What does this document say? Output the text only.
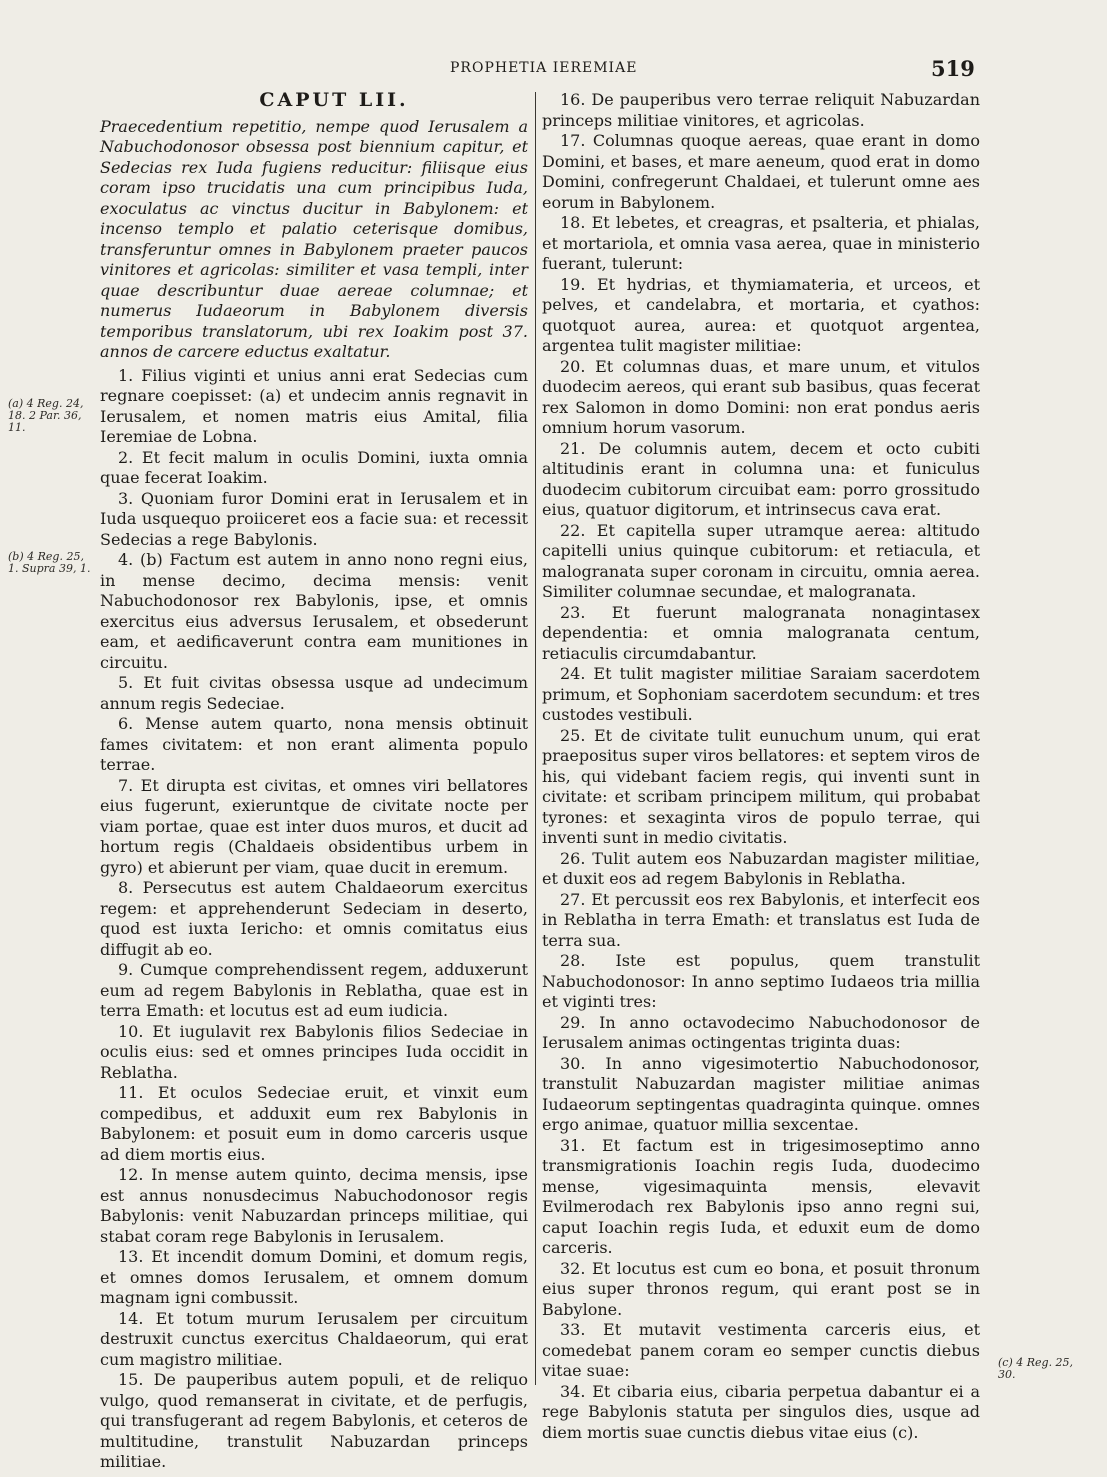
PROPHETIA IEREMIAE	519
(a) 4 Reg. 24, 18. 2 Par. 36, 11.
(b) 4 Reg. 25, 1. Supra 39, 1.
(c) 4 Reg. 25, 30.
CAPUT LII.

Praecedentium repetitio, nempe quod Ierusalem a Nabuchodonosor obsessa post biennium capitur, et Sedecias rex Iuda fugiens reducitur: filiisque eius coram ipso trucidatis una cum principibus Iuda, exoculatus ac vinctus ducitur in Babylonem: et incenso templo et palatio ceterisque domibus, transferuntur omnes in Babylonem praeter paucos vinitores et agricolas: similiter et vasa templi, inter quae describuntur duae aereae columnae; et numerus Iudaeorum in Babylonem diversis temporibus translatorum, ubi rex Ioakim post 37. annos de carcere eductus exaltatur.

1. Filius viginti et unius anni erat Sedecias cum regnare coepisset: (a) et undecim annis regnavit in Ierusalem, et nomen matris eius Amital, filia Ieremiae de Lobna.

2. Et fecit malum in oculis Domini, iuxta omnia quae fecerat Ioakim.

3. Quoniam furor Domini erat in Ierusalem et in Iuda usquequo proiiceret eos a facie sua: et recessit Sedecias a rege Babylonis.

4. (b) Factum est autem in anno nono regni eius, in mense decimo, decima mensis: venit Nabuchodonosor rex Babylonis, ipse, et omnis exercitus eius adversus Ierusalem, et obsederunt eam, et aedificaverunt contra eam munitiones in circuitu.

5. Et fuit civitas obsessa usque ad undecimum annum regis Sedeciae.

6. Mense autem quarto, nona mensis obtinuit fames civitatem: et non erant alimenta populo terrae.

7. Et dirupta est civitas, et omnes viri bellatores eius fugerunt, exieruntque de civitate nocte per viam portae, quae est inter duos muros, et ducit ad hortum regis (Chaldaeis obsidentibus urbem in gyro) et abierunt per viam, quae ducit in eremum.

8. Persecutus est autem Chaldaeorum exercitus regem: et apprehenderunt Sedeciam in deserto, quod est iuxta Iericho: et omnis comitatus eius diffugit ab eo.

9. Cumque comprehendissent regem, adduxerunt eum ad regem Babylonis in Reblatha, quae est in terra Emath: et locutus est ad eum iudicia.

10. Et iugulavit rex Babylonis filios Sedeciae in oculis eius: sed et omnes principes Iuda occidit in Reblatha.

11. Et oculos Sedeciae eruit, et vinxit eum compedibus, et adduxit eum rex Babylonis in Babylonem: et posuit eum in domo carceris usque ad diem mortis eius.

12. In mense autem quinto, decima mensis, ipse est annus nonusdecimus Nabuchodonosor regis Babylonis: venit Nabuzardan princeps militiae, qui stabat coram rege Babylonis in Ierusalem.

13. Et incendit domum Domini, et domum regis, et omnes domos Ierusalem, et omnem domum magnam igni combussit.

14. Et totum murum Ierusalem per circuitum destruxit cunctus exercitus Chaldaeorum, qui erat cum magistro militiae.

15. De pauperibus autem populi, et de reliquo vulgo, quod remanserat in civitate, et de perfugis, qui transfugerant ad regem Babylonis, et ceteros de multitudine, transtulit Nabuzardan princeps militiae.

16. De pauperibus vero terrae reliquit Nabuzardan princeps militiae vinitores, et agricolas.

17. Columnas quoque aereas, quae erant in domo Domini, et bases, et mare aeneum, quod erat in domo Domini, confregerunt Chaldaei, et tulerunt omne aes eorum in Babylonem.

18. Et lebetes, et creagras, et psalteria, et phialas, et mortariola, et omnia vasa aerea, quae in ministerio fuerant, tulerunt:

19. Et hydrias, et thymiamateria, et urceos, et pelves, et candelabra, et mortaria, et cyathos: quotquot aurea, aurea: et quotquot argentea, argentea tulit magister militiae:

20. Et columnas duas, et mare unum, et vitulos duodecim aereos, qui erant sub basibus, quas fecerat rex Salomon in domo Domini: non erat pondus aeris omnium horum vasorum.

21. De columnis autem, decem et octo cubiti altitudinis erant in columna una: et funiculus duodecim cubitorum circuibat eam: porro grossitudo eius, quatuor digitorum, et intrinsecus cava erat.

22. Et capitella super utramque aerea: altitudo capitelli unius quinque cubitorum: et retiacula, et malogranata super coronam in circuitu, omnia aerea. Similiter columnae secundae, et malogranata.

23. Et fuerunt malogranata nonagintasex dependentia: et omnia malogranata centum, retiaculis circumdabantur.

24. Et tulit magister militiae Saraiam sacerdotem primum, et Sophoniam sacerdotem secundum: et tres custodes vestibuli.

25. Et de civitate tulit eunuchum unum, qui erat praepositus super viros bellatores: et septem viros de his, qui videbant faciem regis, qui inventi sunt in civitate: et scribam principem militum, qui probabat tyrones: et sexaginta viros de populo terrae, qui inventi sunt in medio civitatis.

26. Tulit autem eos Nabuzardan magister militiae, et duxit eos ad regem Babylonis in Reblatha.

27. Et percussit eos rex Babylonis, et interfecit eos in Reblatha in terra Emath: et translatus est Iuda de terra sua.

28. Iste est populus, quem transtulit Nabuchodonosor: In anno septimo Iudaeos tria millia et viginti tres:

29. In anno octavodecimo Nabuchodonosor de Ierusalem animas octingentas triginta duas:

30. In anno vigesimotertio Nabuchodonosor, transtulit Nabuzardan magister militiae animas Iudaeorum septingentas quadraginta quinque. omnes ergo animae, quatuor millia sexcentae.

31. Et factum est in trigesimoseptimo anno transmigrationis Ioachin regis Iuda, duodecimo mense, vigesimaquinta mensis, elevavit Evilmerodach rex Babylonis ipso anno regni sui, caput Ioachin regis Iuda, et eduxit eum de domo carceris.

32. Et locutus est cum eo bona, et posuit thronum eius super thronos regum, qui erant post se in Babylone.

33. Et mutavit vestimenta carceris eius, et comedebat panem coram eo semper cunctis diebus vitae suae:

34. Et cibaria eius, cibaria perpetua dabantur ei a rege Babylonis statuta per singulos dies, usque ad diem mortis suae cunctis diebus vitae eius (c).
